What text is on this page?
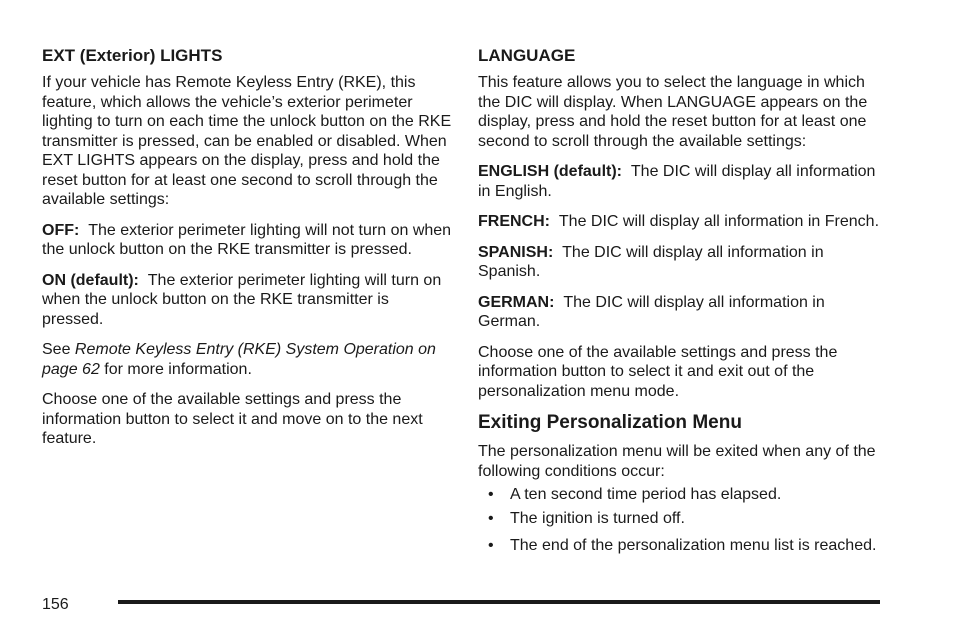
EXT (Exterior) LIGHTS

If your vehicle has Remote Keyless Entry (RKE), this feature, which allows the vehicle’s exterior perimeter lighting to turn on each time the unlock button on the RKE transmitter is pressed, can be enabled or disabled. When EXT LIGHTS appears on the display, press and hold the reset button for at least one second to scroll through the available settings:

OFF: The exterior perimeter lighting will not turn on when the unlock button on the RKE transmitter is pressed.

ON (default): The exterior perimeter lighting will turn on when the unlock button on the RKE transmitter is pressed.

See Remote Keyless Entry (RKE) System Operation on page 62 for more information.

Choose one of the available settings and press the information button to select it and move on to the next feature.

LANGUAGE

This feature allows you to select the language in which the DIC will display. When LANGUAGE appears on the display, press and hold the reset button for at least one second to scroll through the available settings:

ENGLISH (default): The DIC will display all information in English.

FRENCH: The DIC will display all information in French.

SPANISH: The DIC will display all information in Spanish.

GERMAN: The DIC will display all information in German.

Choose one of the available settings and press the information button to select it and exit out of the personalization menu mode.

Exiting Personalization Menu

The personalization menu will be exited when any of the following conditions occur:

• A ten second time period has elapsed.
• The ignition is turned off.
• The end of the personalization menu list is reached.
156
